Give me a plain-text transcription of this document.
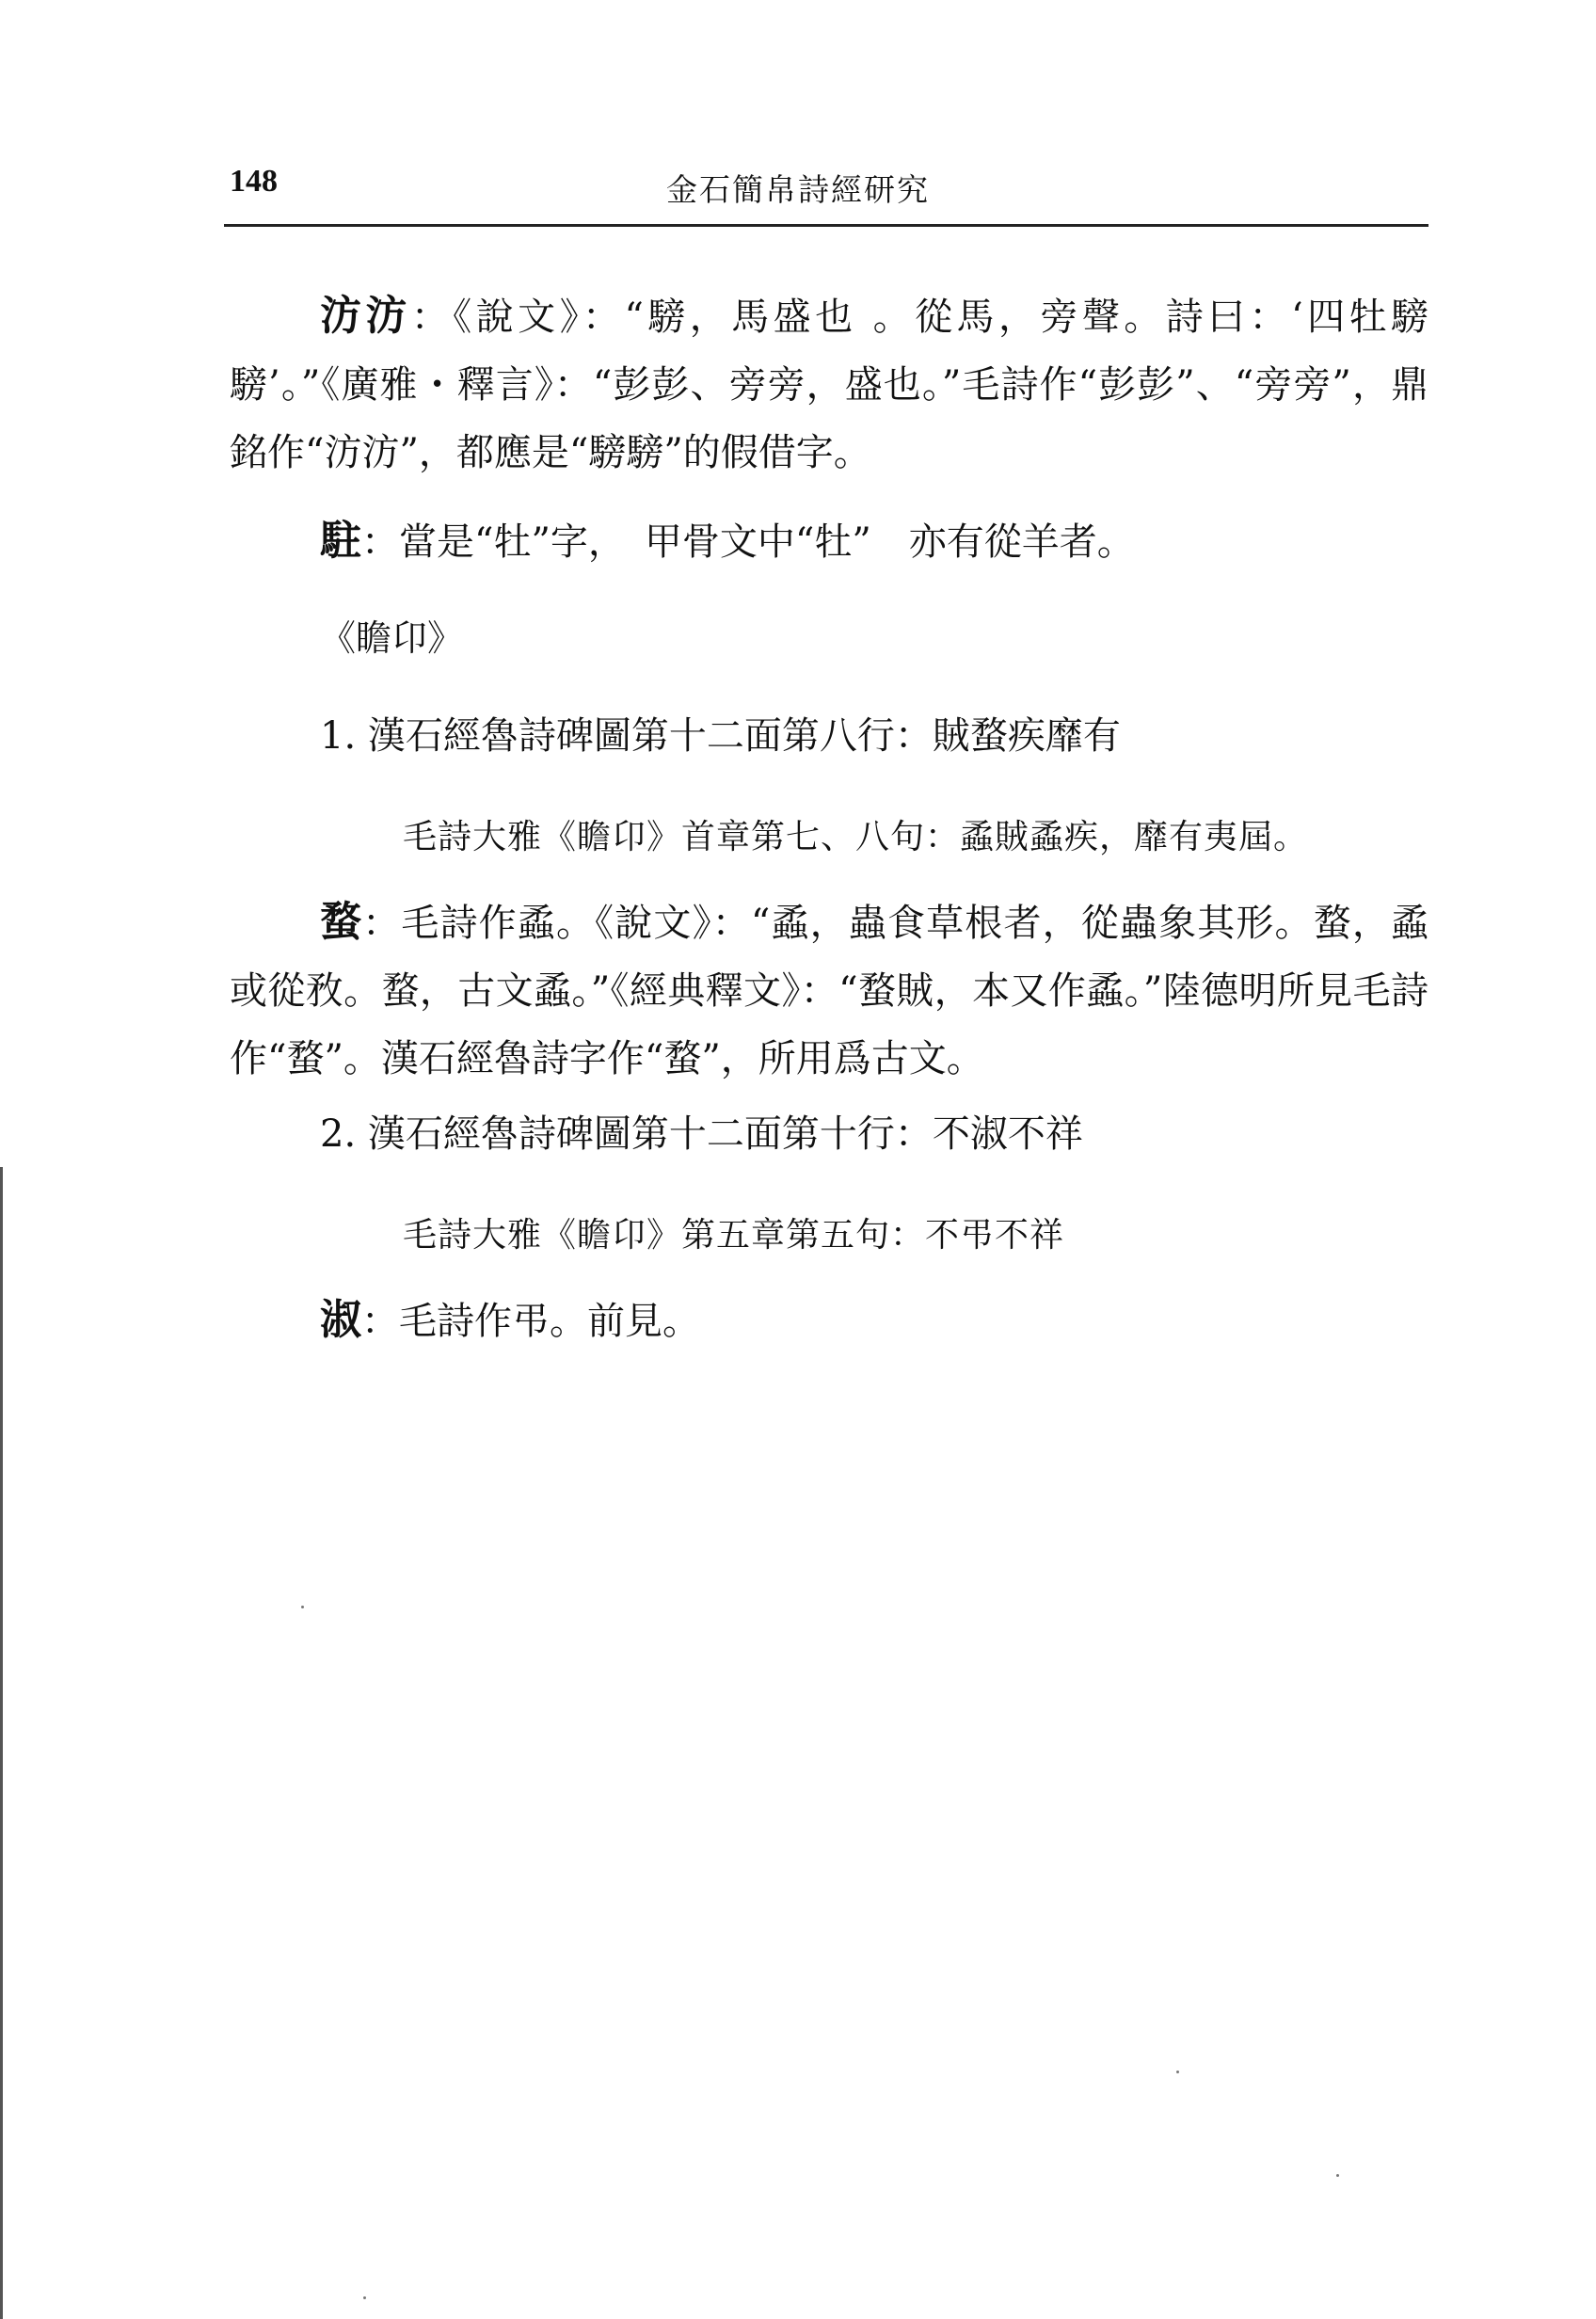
148	金石簡帛詩經研究

汸汸：《說文》：“騯，馬盛也 。從馬，旁聲。詩曰：‘四牡騯騯’。”《廣雅・釋言》：“彭彭、旁旁，盛也。”毛詩作“彭彭”、“旁旁”，鼎銘作“汸汸”，都應是“騯騯”的假借字。

駐：當是“牡”字，　甲骨文中“牡”　亦有從羊者。

《瞻卬》
1. 漢石經魯詩碑圖第十二面第八行：賊蝥疾靡有
毛詩大雅《瞻卬》首章第七、八句：蟊賊蟊疾，靡有夷屆。

蝥：毛詩作蟊。《說文》：“蟊，蟲食草根者，從蟲象其形。蝥，蟊或從敄。蝥，古文蟊。”《經典釋文》：“蝥賊，本又作蟊。”陸德明所見毛詩作“蝥”。漢石經魯詩字作“蝥”，所用爲古文。

2. 漢石經魯詩碑圖第十二面第十行：不淑不祥
毛詩大雅《瞻卬》第五章第五句：不弔不祥

淑：毛詩作弔。前見。
